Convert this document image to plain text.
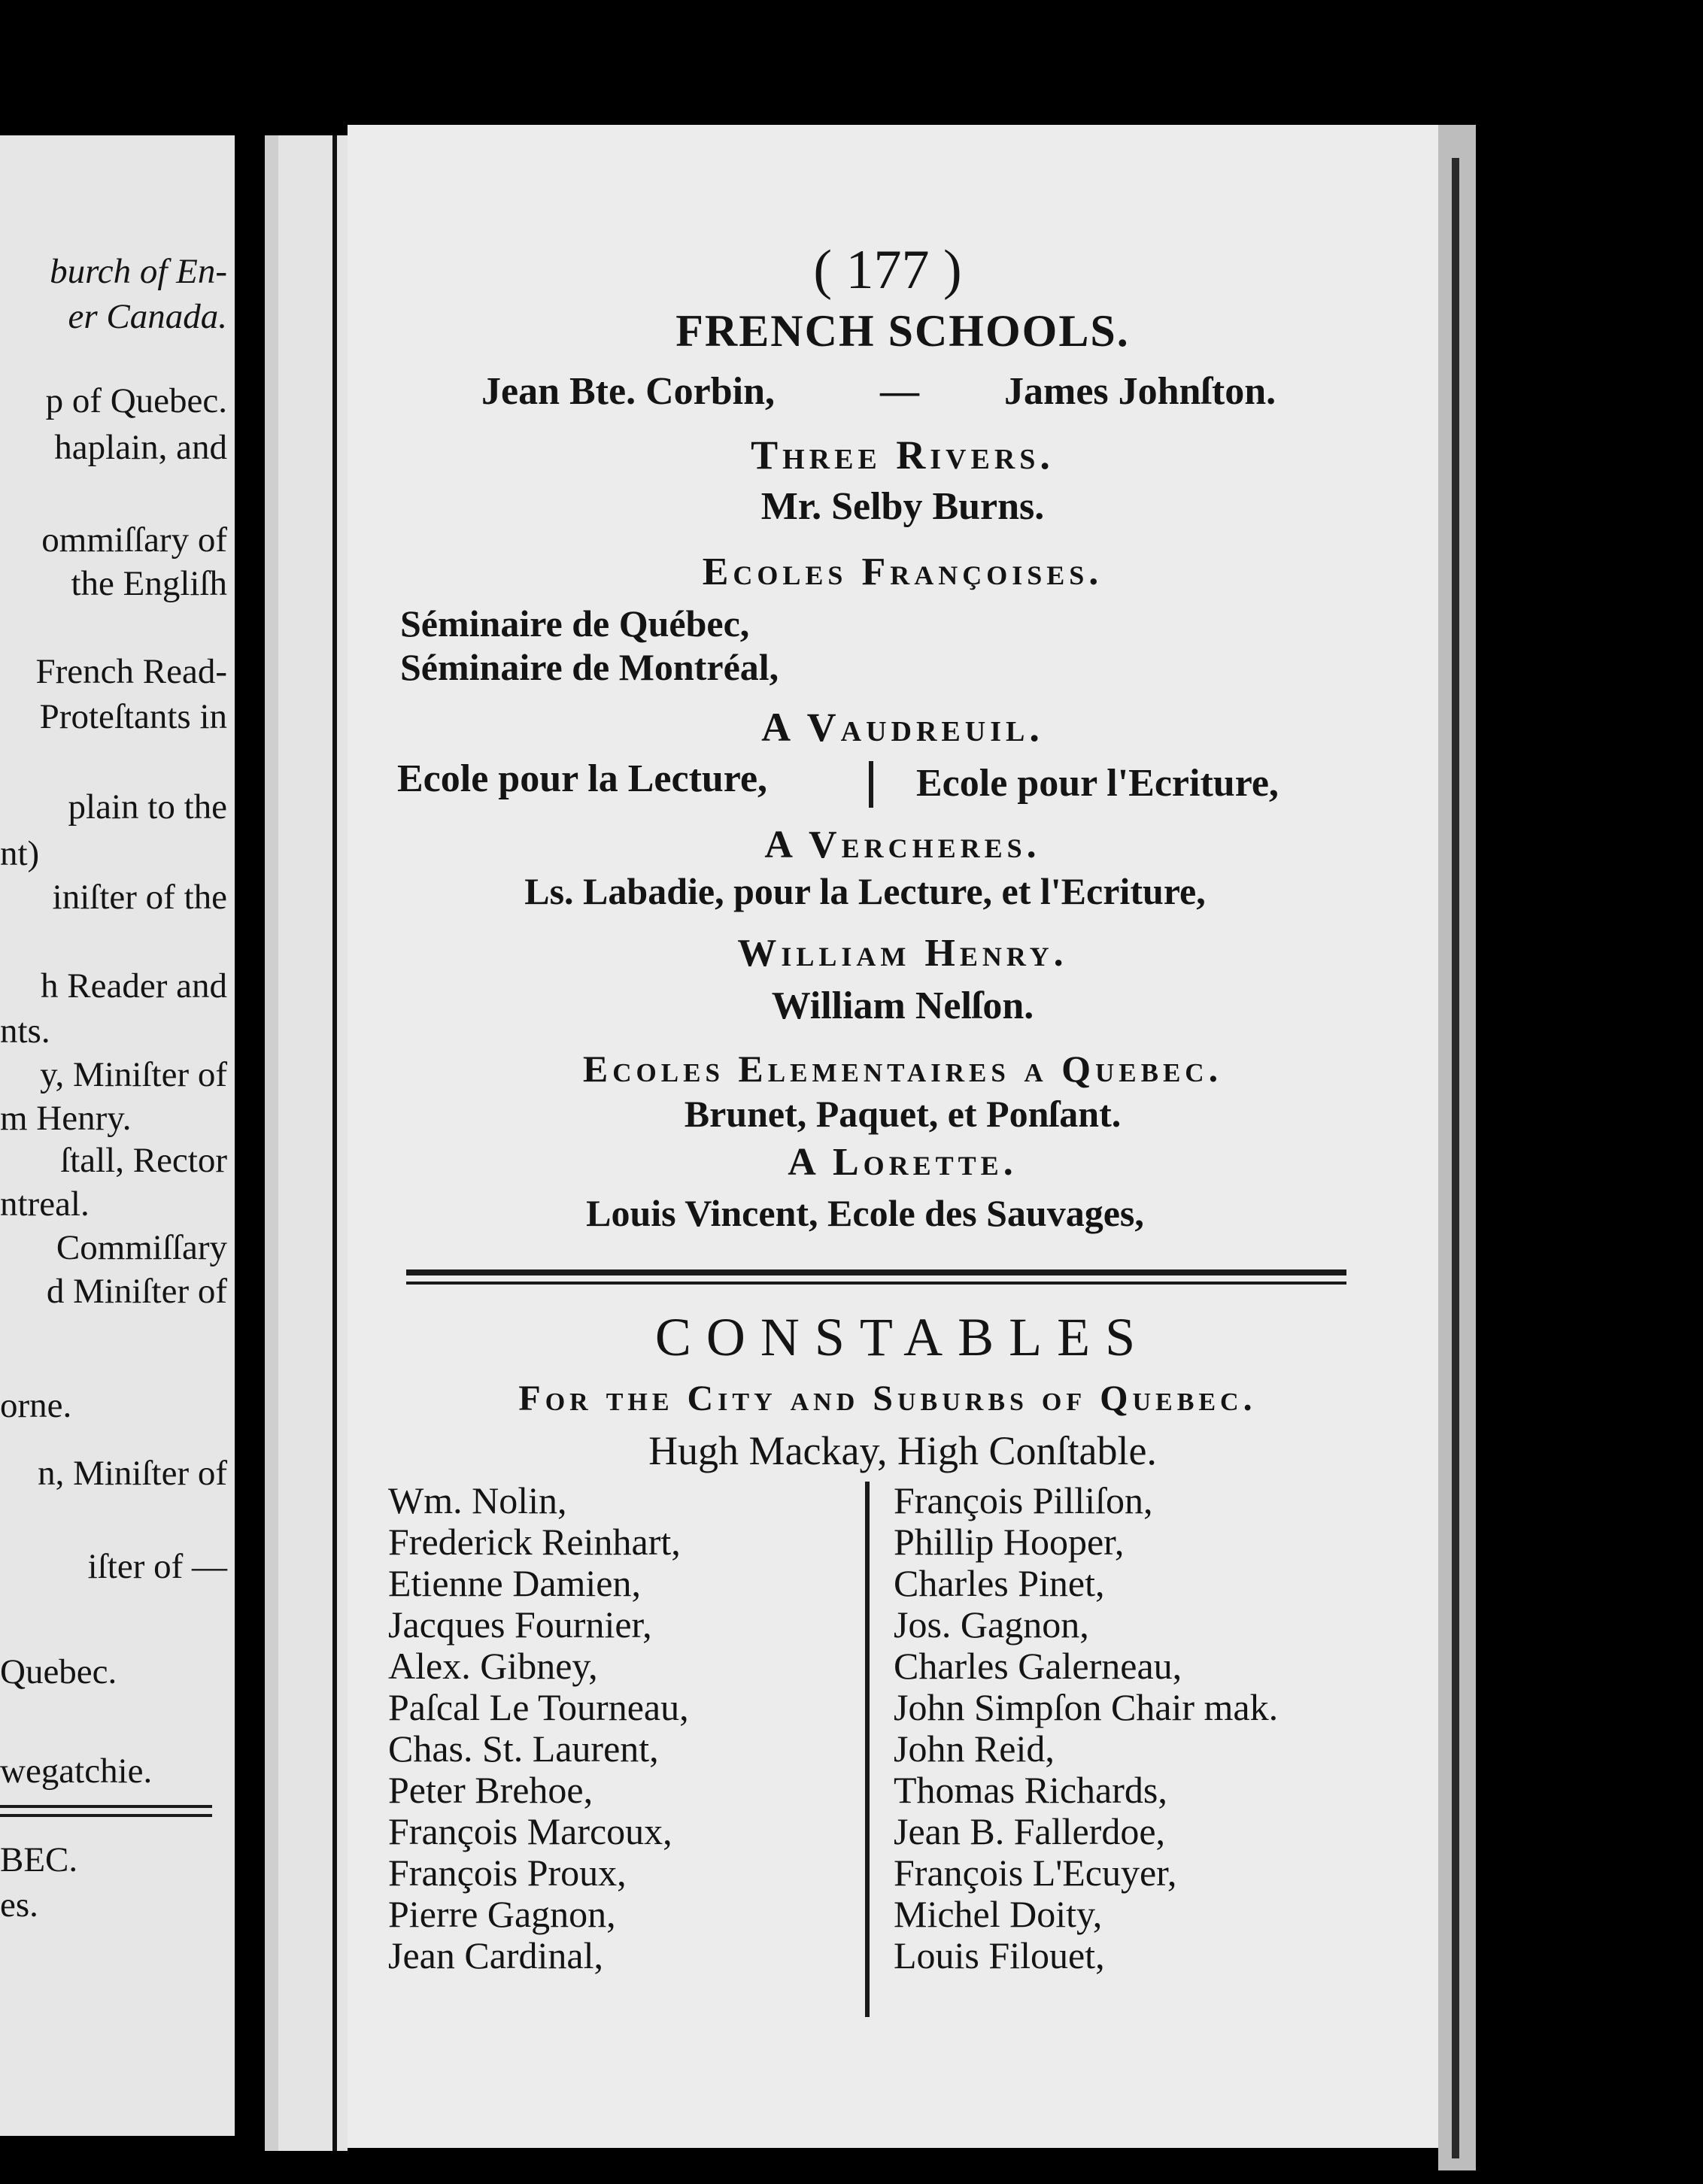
burch of En-
er Canada.
p of Quebec.
haplain, and
ommiſſary of
the Engliſh
French Read-
Proteſtants in
plain to the
nt)
iniſter of the
h Reader and
nts.
y, Miniſter of
m Henry.
ſtall, Rector
ntreal.
Commiſſary
d Miniſter of
orne.
n, Miniſter of
iſter of —
Quebec.
wegatchie.
BEC.
es.
( 177 )
FRENCH SCHOOLS.
Jean Bte. Corbin,	— James Johnſton.
Three Rivers.
Mr. Selby Burns.
Ecoles Françoises.
Séminaire de Québec,
Séminaire de Montréal,
A Vaudreuil.
Ecole pour la Lecture,	Ecole pour l'Ecriture,
A Vercheres.
Ls. Labadie, pour la Lecture, et l'Ecriture,
William Henry.
William Nelſon.
Ecoles Elementaires a Quebec.
Brunet, Paquet, et Ponſant.
A Lorette.
Louis Vincent, Ecole des Sauvages,
CONSTABLES
For the City and Suburbs of Quebec.
Hugh Mackay, High Conſtable.
Wm. Nolin,
Frederick Reinhart,
Etienne Damien,
Jacques Fournier,
Alex. Gibney,
Paſcal Le Tourneau,
Chas. St. Laurent,
Peter Brehoe,
François Marcoux,
François Proux,
Pierre Gagnon,
Jean Cardinal,
François Pilliſon,
Phillip Hooper,
Charles Pinet,
Jos. Gagnon,
Charles Galerneau,
John Simpſon Chair mak.
John Reid,
Thomas Richards,
Jean B. Fallerdoe,
François L'Ecuyer,
Michel Doity,
Louis Filouet,
